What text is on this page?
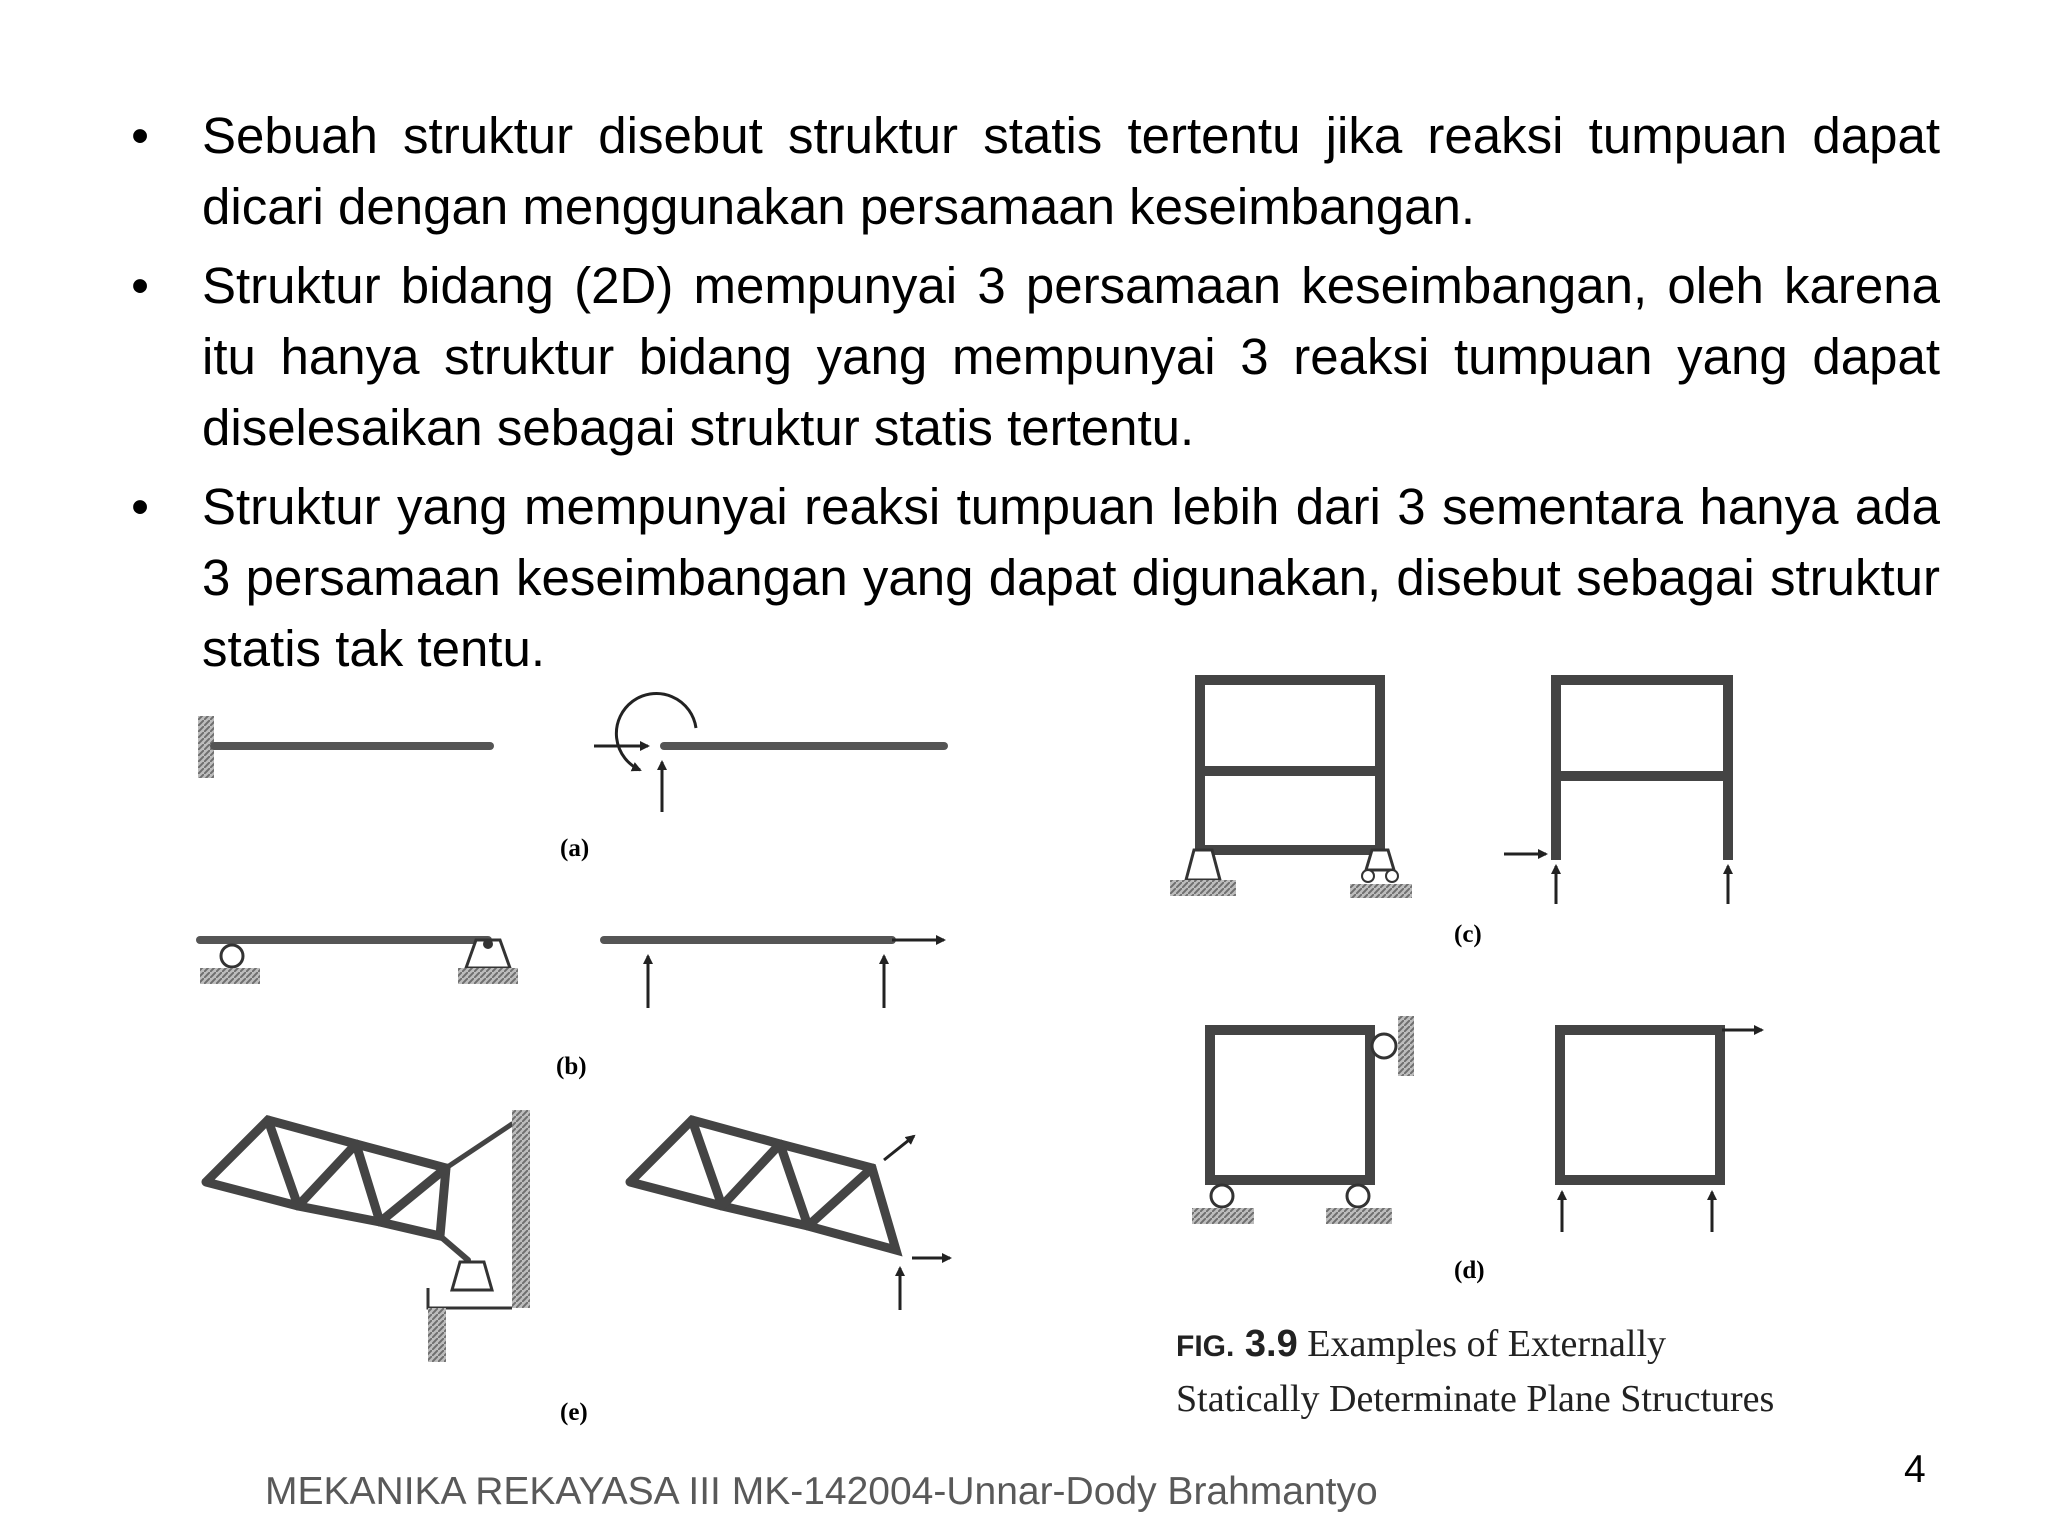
• Sebuah struktur disebut struktur statis tertentu jika reaksi tumpuan dapat dicari dengan menggunakan persamaan keseimbangan.
• Struktur bidang (2D) mempunyai 3 persamaan keseimbangan, oleh karena itu hanya struktur bidang yang mempunyai 3 reaksi tumpuan yang dapat diselesaikan sebagai struktur statis tertentu.
• Struktur yang mempunyai reaksi tumpuan lebih dari 3 sementara hanya ada 3 persamaan keseimbangan yang dapat digunakan, disebut sebagai struktur statis tak tentu.
(a)
(b)
(e)
(c)
(d)
FIG. 3.9 Examples of Externally
Statically Determinate Plane Structures
MEKANIKA REKAYASA III MK-142004-Unnar-Dody Brahmantyo
4
